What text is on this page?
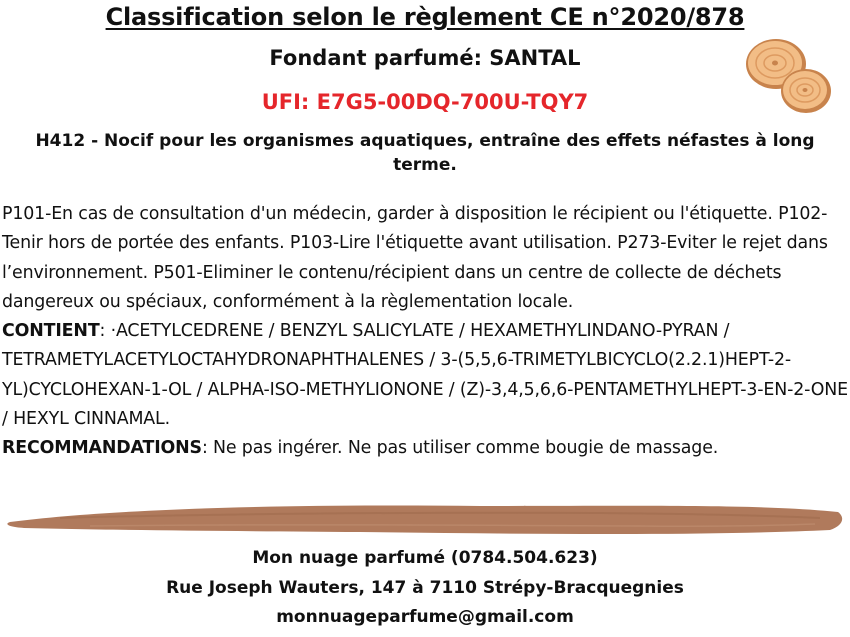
Classification selon le règlement CE n°2020/878
Fondant parfumé: SANTAL
UFI: E7G5-00DQ-700U-TQY7
H412 - Nocif pour les organismes aquatiques, entraîne des effets néfastes à long terme.
P101-En cas de consultation d'un médecin, garder à disposition le récipient ou l'étiquette. P102-Tenir hors de portée des enfants. P103-Lire l'étiquette avant utilisation. P273-Eviter le rejet dans l’environnement. P501-Eliminer le contenu/récipient dans un centre de collecte de déchets dangereux ou spéciaux, conformément à la règlementation locale.
CONTIENT: ·ACETYLCEDRENE / BENZYL SALICYLATE / HEXAMETHYLINDANO-PYRAN / TETRAMETYLACETYLOCTAHYDRONAPHTHALENES / 3-(5,5,6-TRIMETYLBICYCLO(2.2.1)HEPT-2-YL)CYCLOHEXAN-1-OL / ALPHA-ISO-METHYLIONONE / (Z)-3,4,5,6,6-PENTAMETHYLHEPT-3-EN-2-ONE / HEXYL CINNAMAL.
RECOMMANDATIONS: Ne pas ingérer. Ne pas utiliser comme bougie de massage.
Mon nuage parfumé (0784.504.623)
Rue Joseph Wauters, 147 à 7110 Strépy-Bracquegnies
monnuageparfume@gmail.com
